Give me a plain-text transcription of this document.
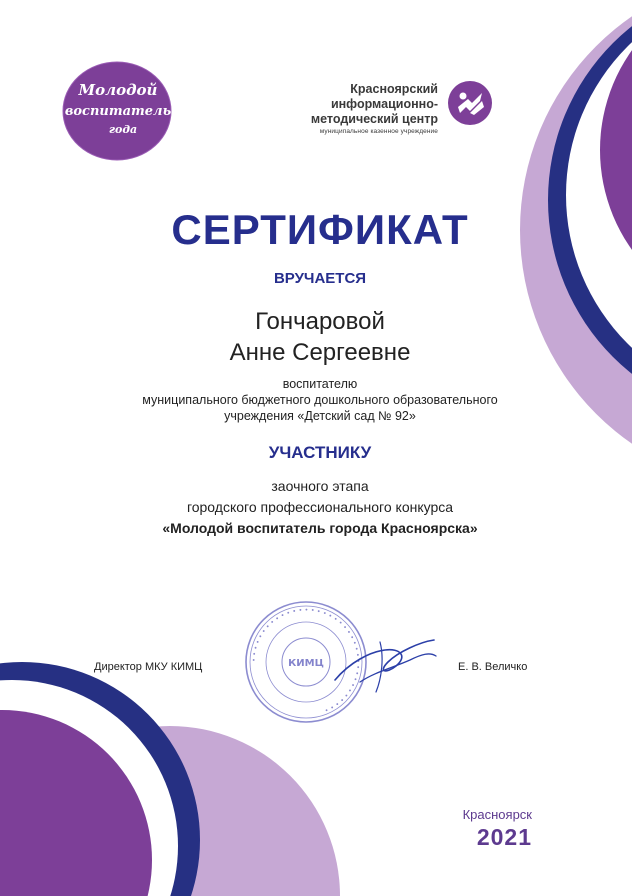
✦
✦
Молодой
воспитатель
года
Красноярский
информационно-
методический центр
муниципальное казенное учреждение
СЕРТИФИКАТ
ВРУЧАЕТСЯ
Гончаровой
Анне Сергеевне
воспитателю
муниципального бюджетного дошкольного образовательного
учреждения «Детский сад № 92»
УЧАСТНИКУ
заочного этапа
городского профессионального конкурса
«Молодой воспитатель города Красноярска»
• • • • • • • • • • • • • • • • • • • • • • • • • • • • • • • • • • • • •
КИМЦ
Директор МКУ КИМЦ	Е. В. Величко
Красноярск
2021
